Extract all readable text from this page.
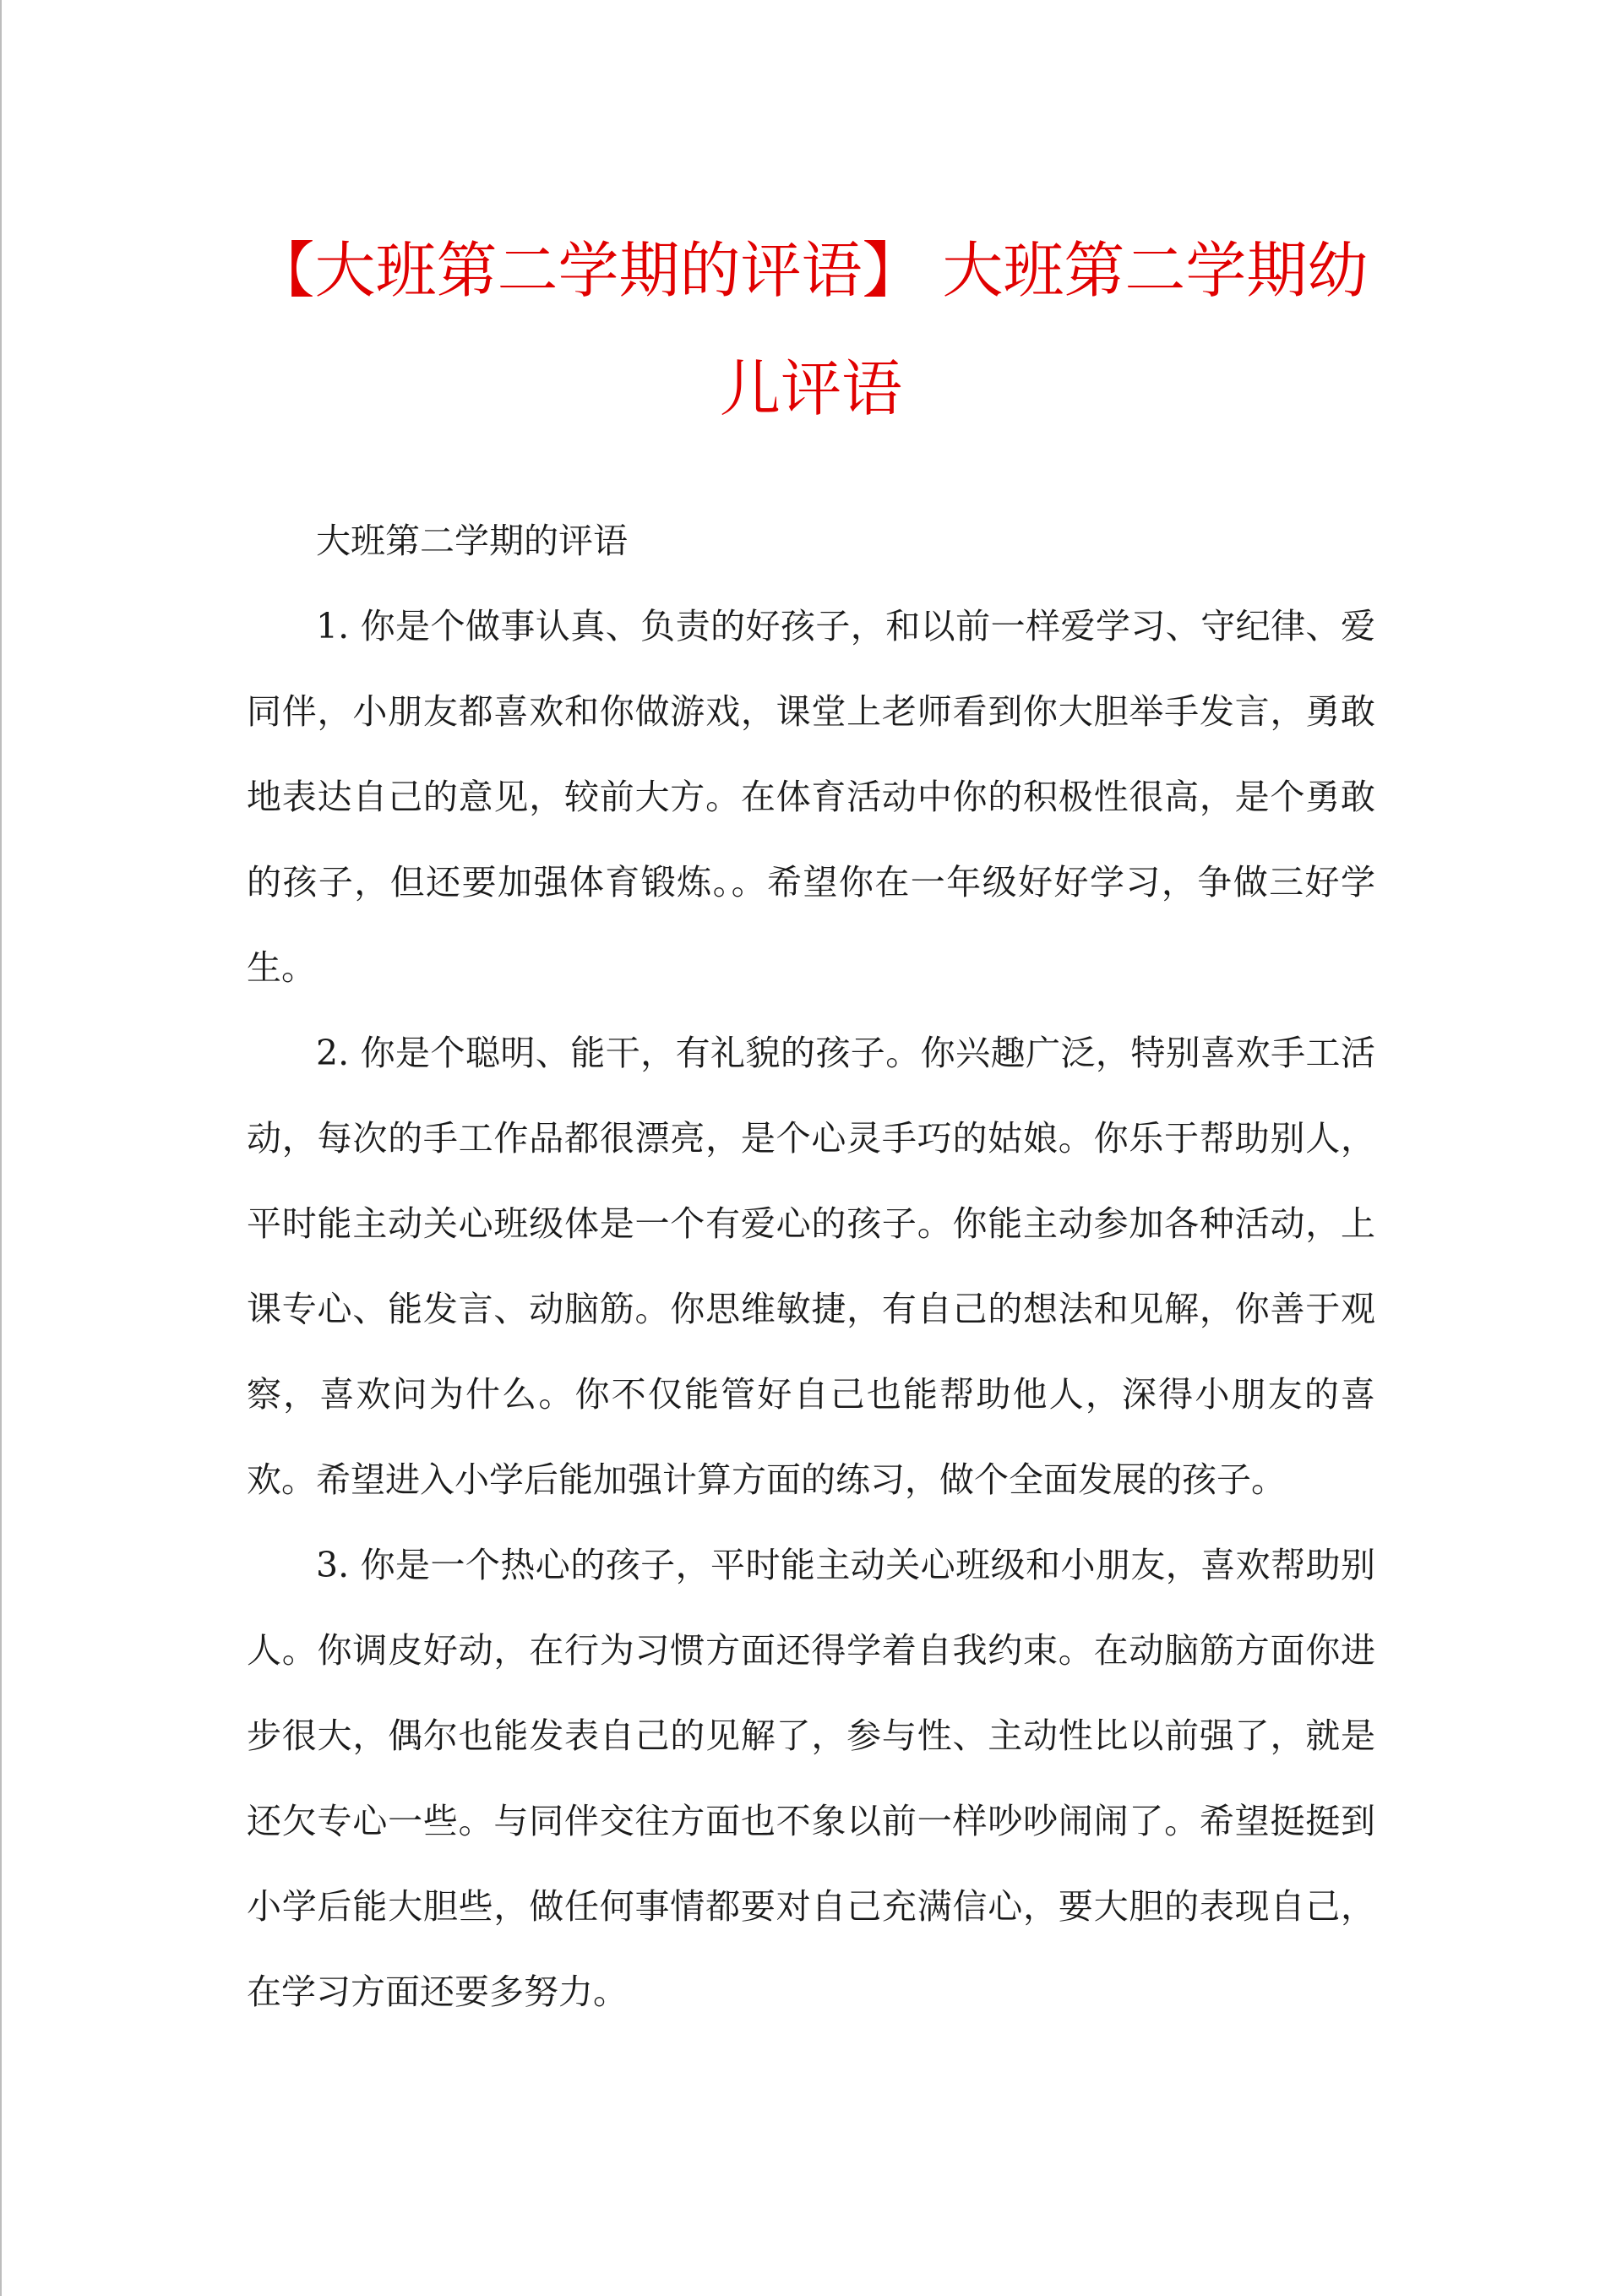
【大班第二学期的评语】 大班第二学期幼儿评语

大班第二学期的评语

1. 你是个做事认真、负责的好孩子，和以前一样爱学习、守纪律、爱同伴，小朋友都喜欢和你做游戏，课堂上老师看到你大胆举手发言，勇敢地表达自己的意见，较前大方。在体育活动中你的积极性很高，是个勇敢的孩子，但还要加强体育锻炼。。希望你在一年级好好学习，争做三好学生。

2. 你是个聪明、能干，有礼貌的孩子。你兴趣广泛，特别喜欢手工活动，每次的手工作品都很漂亮，是个心灵手巧的姑娘。你乐于帮助别人，平时能主动关心班级体是一个有爱心的孩子。你能主动参加各种活动，上课专心、能发言、动脑筋。你思维敏捷，有自己的想法和见解，你善于观察，喜欢问为什么。你不仅能管好自己也能帮助他人，深得小朋友的喜欢。希望进入小学后能加强计算方面的练习，做个全面发展的孩子。

3. 你是一个热心的孩子，平时能主动关心班级和小朋友，喜欢帮助别人。你调皮好动，在行为习惯方面还得学着自我约束。在动脑筋方面你进步很大，偶尔也能发表自己的见解了，参与性、主动性比以前强了，就是还欠专心一些。与同伴交往方面也不象以前一样吵吵闹闹了。希望挺挺到小学后能大胆些，做任何事情都要对自己充满信心，要大胆的表现自己，在学习方面还要多努力。
